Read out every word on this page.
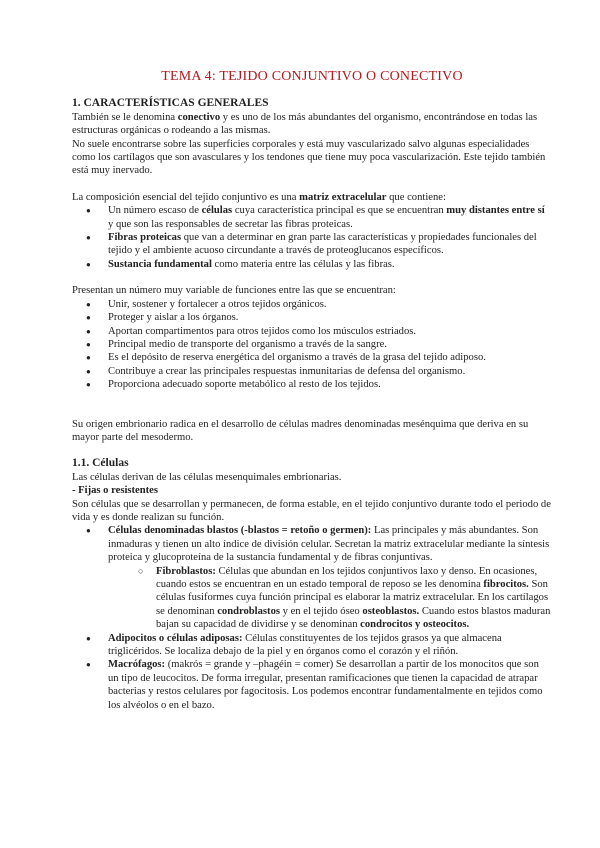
TEMA 4: TEJIDO CONJUNTIVO O CONECTIVO
1. CARACTERÍSTICAS GENERALES

También se le denomina conectivo y es uno de los más abundantes del organismo, encontrándose en todas las estructuras orgánicas o rodeando a las mismas.

No suele encontrarse sobre las superficies corporales y está muy vascularizado salvo algunas especialidades como los cartílagos que son avasculares y los tendones que tiene muy poca vascularización. Este tejido también está muy inervado.

La composición esencial del tejido conjuntivo es una matriz extracelular que contiene:

● Un número escaso de células cuya característica principal es que se encuentran muy distantes entre sí y que son las responsables de secretar las fibras proteicas.
● Fibras proteicas que van a determinar en gran parte las características y propiedades funcionales del tejido y el ambiente acuoso circundante a través de proteoglucanos específicos.
● Sustancia fundamental como materia entre las células y las fibras.

Presentan un número muy variable de funciones entre las que se encuentran:

● Unir, sostener y fortalecer a otros tejidos orgánicos.
● Proteger y aislar a los órganos.
● Aportan compartimentos para otros tejidos como los músculos estriados.
● Principal medio de transporte del organismo a través de la sangre.
● Es el depósito de reserva energética del organismo a través de la grasa del tejido adiposo.
● Contribuye a crear las principales respuestas inmunitarias de defensa del organismo.
● Proporciona adecuado soporte metabólico al resto de los tejidos.

Su origen embrionario radica en el desarrollo de células madres denominadas mesénquima que deriva en su mayor parte del mesodermo.

1.1. Células

Las células derivan de las células mesenquimales embrionarias.

- Fijas o resistentes

Son células que se desarrollan y permanecen, de forma estable, en el tejido conjuntivo durante todo el periodo de vida y es donde realizan su función.

● Células denominadas blastos (-blastos = retoño o germen): Las principales y más abundantes. Son inmaduras y tienen un alto índice de división celular. Secretan la matriz extracelular mediante la síntesis proteica y glucoproteína de la sustancia fundamental y de fibras conjuntivas.
○ Fibroblastos: Células que abundan en los tejidos conjuntivos laxo y denso. En ocasiones, cuando estos se encuentran en un estado temporal de reposo se les denomina fibrocitos. Son células fusiformes cuya función principal es elaborar la matriz extracelular. En los cartílagos se denominan condroblastos y en el tejido óseo osteoblastos. Cuando estos blastos maduran bajan su capacidad de dividirse y se denominan condrocitos y osteocitos.
● Adipocitos o células adiposas: Células constituyentes de los tejidos grasos ya que almacena triglicéridos. Se localiza debajo de la piel y en órganos como el corazón y el riñón.
● Macrófagos: (makrós = grande y –phagéin = comer) Se desarrollan a partir de los monocitos que son un tipo de leucocitos. De forma irregular, presentan ramificaciones que tienen la capacidad de atrapar bacterias y restos celulares por fagocitosis. Los podemos encontrar fundamentalmente en tejidos como los alvéolos o en el bazo.
